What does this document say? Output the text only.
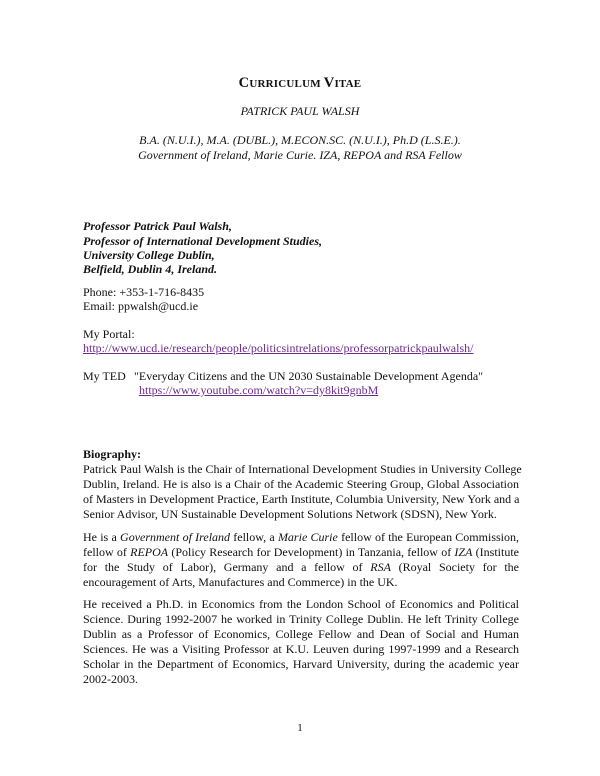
CURRICULUM VITAE
PATRICK PAUL WALSH
B.A. (N.U.I.), M.A. (DUBL.), M.ECON.SC. (N.U.I.), Ph.D (L.S.E.).
Government of Ireland, Marie Curie. IZA, REPOA and RSA Fellow
Professor Patrick Paul Walsh,
Professor of International Development Studies,
University College Dublin,
Belfield, Dublin 4, Ireland.
Phone: +353-1-716-8435
Email: ppwalsh@ucd.ie
My Portal:
http://www.ucd.ie/research/people/politicsintrelations/professorpatrickpaulwalsh/
My TED "Everyday Citizens and the UN 2030 Sustainable Development Agenda"
https://www.youtube.com/watch?v=dy8kit9gnbM
Biography:
Patrick Paul Walsh is the Chair of International Development Studies in University College
Dublin, Ireland. He is also is a Chair of the Academic Steering Group, Global Association
of Masters in Development Practice, Earth Institute, Columbia University, New York and a
Senior Advisor, UN Sustainable Development Solutions Network (SDSN), New York.
He is a Government of Ireland fellow, a Marie Curie fellow of the European Commission,
fellow of REPOA (Policy Research for Development) in Tanzania, fellow of IZA (Institute
for the Study of Labor), Germany and a fellow of RSA (Royal Society for the
encouragement of Arts, Manufactures and Commerce) in the UK.
He received a Ph.D. in Economics from the London School of Economics and Political
Science. During 1992-2007 he worked in Trinity College Dublin. He left Trinity College
Dublin as a Professor of Economics, College Fellow and Dean of Social and Human
Sciences. He was a Visiting Professor at K.U. Leuven during 1997-1999 and a Research
Scholar in the Department of Economics, Harvard University, during the academic year
2002-2003.
1
